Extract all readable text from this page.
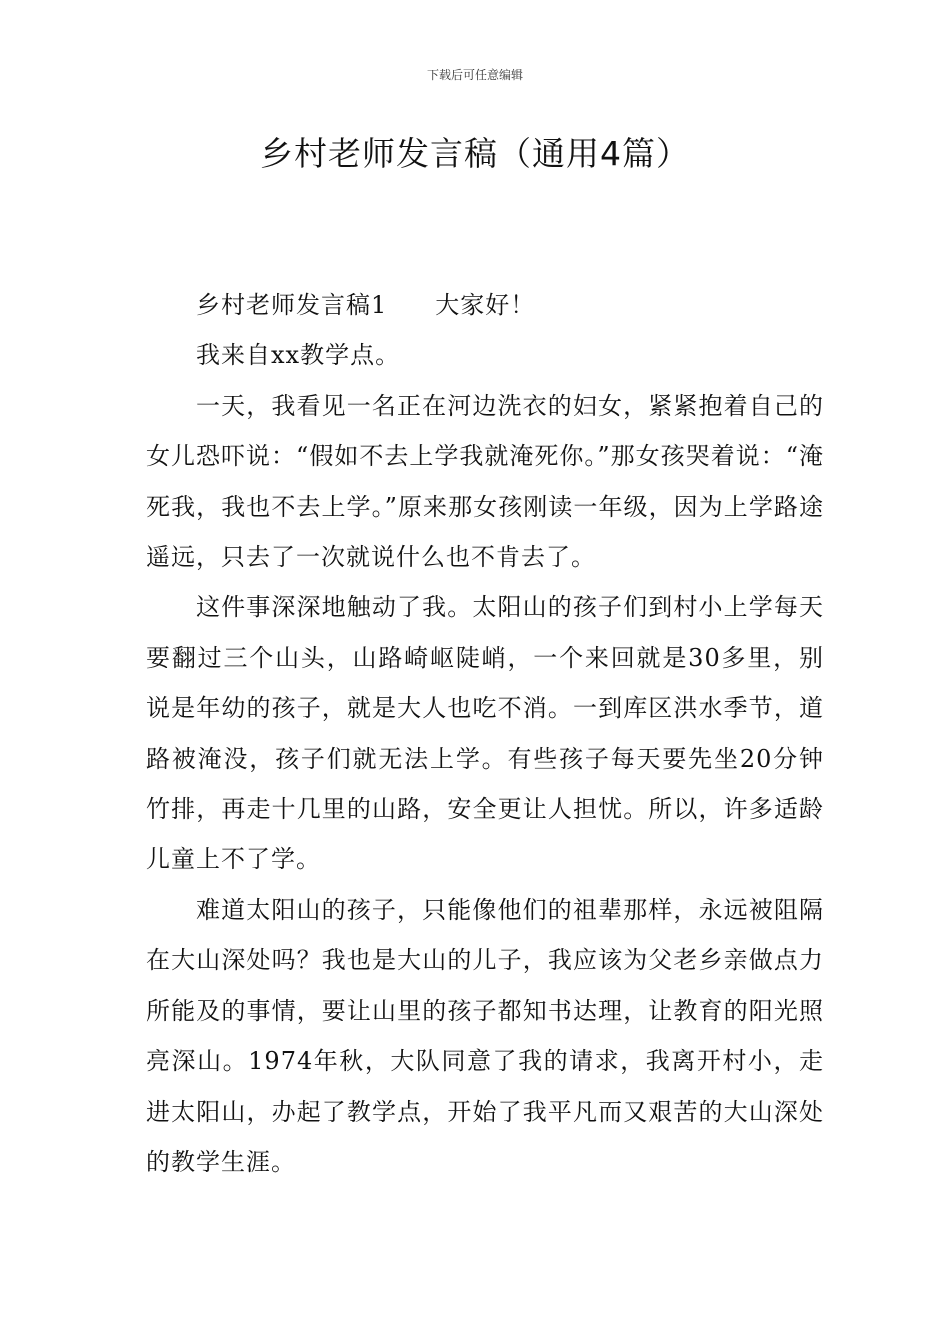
下载后可任意编辑
乡村老师发言稿（通用4篇）

乡村老师发言稿1 大家好！

我来自xx教学点。

一天，我看见一名正在河边洗衣的妇女，紧紧抱着自己的女儿恐吓说：“假如不去上学我就淹死你。”那女孩哭着说：“淹死我，我也不去上学。”原来那女孩刚读一年级，因为上学路途遥远，只去了一次就说什么也不肯去了。

这件事深深地触动了我。太阳山的孩子们到村小上学每天要翻过三个山头，山路崎岖陡峭，一个来回就是30多里，别说是年幼的孩子，就是大人也吃不消。一到库区洪水季节，道路被淹没，孩子们就无法上学。有些孩子每天要先坐20分钟竹排，再走十几里的山路，安全更让人担忧。所以，许多适龄儿童上不了学。

难道太阳山的孩子，只能像他们的祖辈那样，永远被阻隔在大山深处吗？我也是大山的儿子，我应该为父老乡亲做点力所能及的事情，要让山里的孩子都知书达理，让教育的阳光照亮深山。1974年秋，大队同意了我的请求，我离开村小，走进太阳山，办起了教学点，开始了我平凡而又艰苦的大山深处的教学生涯。
